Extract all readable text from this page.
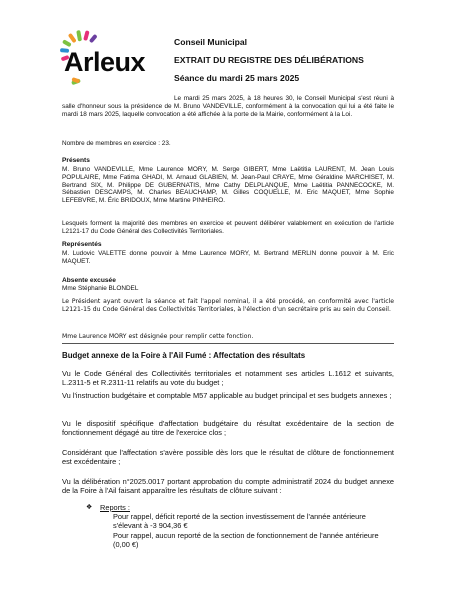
Arleux
Conseil Municipal
EXTRAIT DU REGISTRE DES DÉLIBÉRATIONS
Séance du mardi 25 mars 2025
Le mardi 25 mars 2025, à 18 heures 30, le Conseil Municipal s'est réuni à salle d'honneur sous la présidence de M. Bruno VANDEVILLE, conformément à la convocation qui lui a été faite le mardi 18 mars 2025, laquelle convocation a été affichée à la porte de la Mairie, conformément à la Loi.
Nombre de membres en exercice : 23.
Présents
M. Bruno VANDEVILLE, Mme Laurence MORY, M. Serge GIBERT, Mme Laëtitia LAURENT, M. Jean Louis POPULAIRE, Mme Fatima GHADI, M. Arnaud GLABIEN, M. Jean-Paul CRAYE, Mme Géraldine MARCHISET, M. Bertrand SIX, M. Philippe DE GUBERNATIS, Mme Cathy DELPLANQUE, Mme Laëtitia PANNECOCKE, M. Sébastien DESCAMPS, M. Charles BEAUCHAMP, M. Gilles COQUELLE, M. Eric MAQUET, Mme Sophie LEFEBVRE, M. Éric BRIDOUX, Mme Martine PINHEIRO.
Lesquels forment la majorité des membres en exercice et peuvent délibérer valablement en exécution de l'article L2121-17 du Code Général des Collectivités Territoriales.
Représentés
M. Ludovic VALETTE donne pouvoir à Mme Laurence MORY, M. Bertrand MERLIN donne pouvoir à M. Eric MAQUET.
Absente excusée
Mme Stéphanie BLONDEL
Le Président ayant ouvert la séance et fait l'appel nominal, il a été procédé, en conformité avec l'article L2121-15 du Code Général des Collectivités Territoriales, à l'élection d'un secrétaire pris au sein du Conseil.
Mme Laurence MORY est désignée pour remplir cette fonction.
Budget annexe de la Foire à l'Ail Fumé : Affectation des résultats
Vu le Code Général des Collectivités territoriales et notamment ses articles L.1612 et suivants, L.2311-5 et R.2311-11 relatifs au vote du budget ;
Vu l'instruction budgétaire et comptable M57 applicable au budget principal et ses budgets annexes ;
Vu le dispositif spécifique d'affectation budgétaire du résultat excédentaire de la section de fonctionnement dégagé au titre de l'exercice clos ;
Considérant que l'affectation s'avère possible dès lors que le résultat de clôture de fonctionnement est excédentaire ;
Vu la délibération n°2025.0017 portant approbation du compte administratif 2024 du budget annexe de la Foire à l'Ail faisant apparaître les résultats de clôture suivant :
❖ Reports :
Pour rappel, déficit reporté de la section investissement de l'année antérieure s'élevant à -3 904,36 €
Pour rappel, aucun reporté de la section de fonctionnement de l'année antérieure (0,00 €)
